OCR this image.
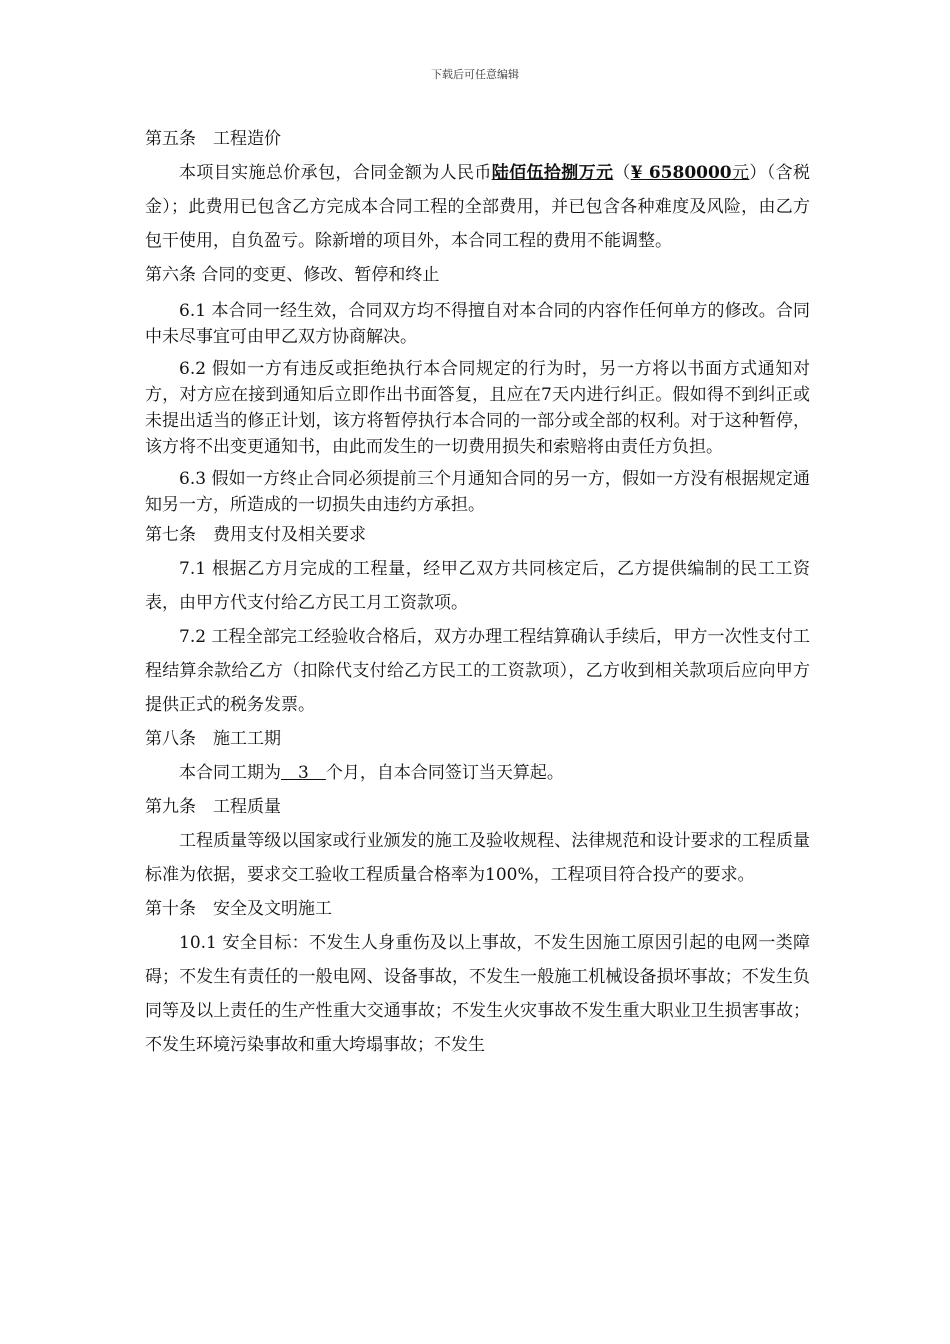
下载后可任意编辑
第五条　工程造价

本项目实施总价承包，合同金额为人民币陆佰伍拾捌万元（¥ 6580000元）（含税金）；此费用已包含乙方完成本合同工程的全部费用，并已包含各种难度及风险，由乙方包干使用，自负盈亏。除新增的项目外，本合同工程的费用不能调整。

第六条 合同的变更、修改、暂停和终止

6.1 本合同一经生效，合同双方均不得擅自对本合同的内容作任何单方的修改。合同中未尽事宜可由甲乙双方协商解决。

6.2 假如一方有违反或拒绝执行本合同规定的行为时，另一方将以书面方式通知对方，对方应在接到通知后立即作出书面答复，且应在7天内进行纠正。假如得不到纠正或未提出适当的修正计划，该方将暂停执行本合同的一部分或全部的权利。对于这种暂停，该方将不出变更通知书，由此而发生的一切费用损失和索赔将由责任方负担。

6.3 假如一方终止合同必须提前三个月通知合同的另一方，假如一方没有根据规定通知另一方，所造成的一切损失由违约方承担。

第七条　费用支付及相关要求

7.1 根据乙方月完成的工程量，经甲乙双方共同核定后，乙方提供编制的民工工资表，由甲方代支付给乙方民工月工资款项。

7.2 工程全部完工经验收合格后，双方办理工程结算确认手续后，甲方一次性支付工程结算余款给乙方（扣除代支付给乙方民工的工资款项），乙方收到相关款项后应向甲方提供正式的税务发票。

第八条　施工工期

本合同工期为　3　个月，自本合同签订当天算起。

第九条　工程质量

工程质量等级以国家或行业颁发的施工及验收规程、法律规范和设计要求的工程质量标准为依据，要求交工验收工程质量合格率为100%，工程项目符合投产的要求。

第十条　安全及文明施工

10.1 安全目标：不发生人身重伤及以上事故，不发生因施工原因引起的电网一类障碍；不发生有责任的一般电网、设备事故，不发生一般施工机械设备损坏事故；不发生负同等及以上责任的生产性重大交通事故；不发生火灾事故不发生重大职业卫生损害事故；不发生环境污染事故和重大垮塌事故；不发生
